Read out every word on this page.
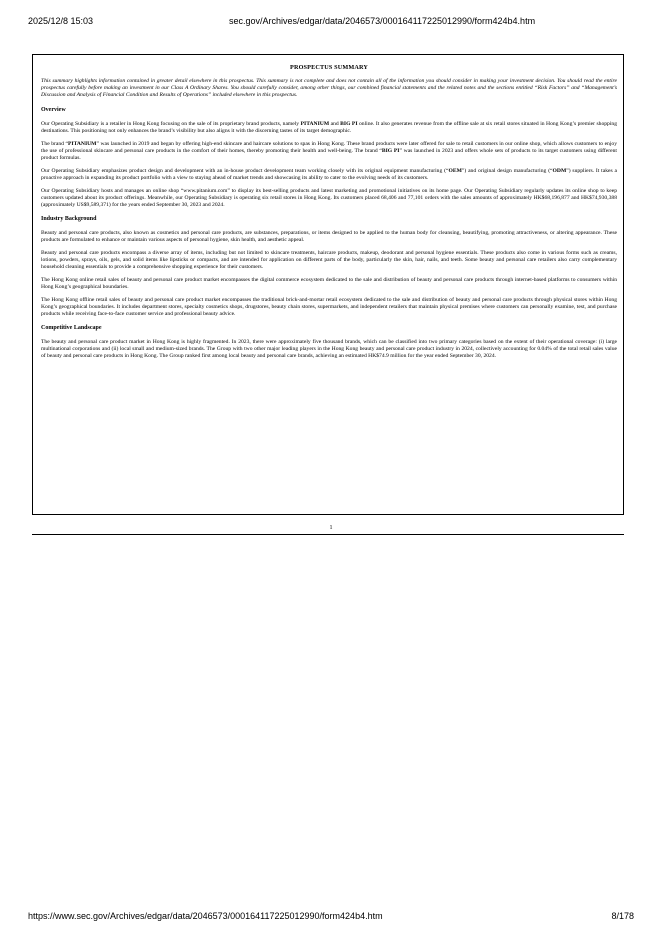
2025/12/8 15:03	sec.gov/Archives/edgar/data/2046573/000164117225012990/form424b4.htm
PROSPECTUS SUMMARY

This summary highlights information contained in greater detail elsewhere in this prospectus. This summary is not complete and does not contain all of the information you should consider in making your investment decision. You should read the entire prospectus carefully before making an investment in our Class A Ordinary Shares. You should carefully consider, among other things, our combined financial statements and the related notes and the sections entitled “Risk Factors” and “Management’s Discussion and Analysis of Financial Condition and Results of Operations” included elsewhere in this prospectus.

Overview

Our Operating Subsidiary is a retailer in Hong Kong focusing on the sale of its proprietary brand products, namely PITANIUM and BIG PI online. It also generates revenue from the offline sale at six retail stores situated in Hong Kong’s premier shopping destinations. This positioning not only enhances the brand’s visibility but also aligns it with the discerning tastes of its target demographic.

The brand “PITANIUM” was launched in 2019 and began by offering high-end skincare and haircare solutions to spas in Hong Kong. These brand products were later offered for sale to retail customers in our online shop, which allows customers to enjoy the use of professional skincare and personal care products in the comfort of their homes, thereby promoting their health and well-being. The brand “BIG PI” was launched in 2023 and offers whole sets of products to its target customers using different product formulas.

Our Operating Subsidiary emphasizes product design and development with an in-house product development team working closely with its original equipment manufacturing (“OEM”) and original design manufacturing (“ODM”) suppliers. It takes a proactive approach in expanding its product portfolio with a view to staying ahead of market trends and showcasing its ability to cater to the evolving needs of its customers.

Our Operating Subsidiary hosts and manages an online shop “www.pitanium.com” to display its best-selling products and latest marketing and promotional initiatives on its home page. Our Operating Subsidiary regularly updates its online shop to keep customers updated about its product offerings. Meanwhile, our Operating Subsidiary is operating six retail stores in Hong Kong. Its customers placed 68,406 and 77,101 orders with the sales amounts of approximately HK$68,196,877 and HK$74,930,388 (approximately US$9,589,371) for the years ended September 30, 2023 and 2024.

Industry Background

Beauty and personal care products, also known as cosmetics and personal care products, are substances, preparations, or items designed to be applied to the human body for cleansing, beautifying, promoting attractiveness, or altering appearance. These products are formulated to enhance or maintain various aspects of personal hygiene, skin health, and aesthetic appeal.

Beauty and personal care products encompass a diverse array of items, including but not limited to skincare treatments, haircare products, makeup, deodorant and personal hygiene essentials. These products also come in various forms such as creams, lotions, powders, sprays, oils, gels, and solid items like lipsticks or compacts, and are intended for application on different parts of the body, particularly the skin, hair, nails, and teeth. Some beauty and personal care retailers also carry complementary household cleaning essentials to provide a comprehensive shopping experience for their customers.

The Hong Kong online retail sales of beauty and personal care product market encompasses the digital commerce ecosystem dedicated to the sale and distribution of beauty and personal care products through internet-based platforms to consumers within Hong Kong’s geographical boundaries.

The Hong Kong offline retail sales of beauty and personal care product market encompasses the traditional brick-and-mortar retail ecosystem dedicated to the sale and distribution of beauty and personal care products through physical stores within Hong Kong’s geographical boundaries. It includes department stores, specialty cosmetics shops, drugstores, beauty chain stores, supermarkets, and independent retailers that maintain physical premises where customers can personally examine, test, and purchase products while receiving face-to-face customer service and professional beauty advice.

Competitive Landscape

The beauty and personal care product market in Hong Kong is highly fragmented. In 2023, there were approximately five thousand brands, which can be classified into two primary categories based on the extent of their operational coverage: (i) large multinational corporations and (ii) local small and medium-sized brands. The Group with two other major leading players in the Hong Kong beauty and personal care product industry in 2024, collectively accounting for 0.04% of the total retail sales value of beauty and personal care products in Hong Kong. The Group ranked first among local beauty and personal care brands, achieving an estimated HK$74.9 million for the year ended September 30, 2024.

1
https://www.sec.gov/Archives/edgar/data/2046573/000164117225012990/form424b4.htm	8/178
